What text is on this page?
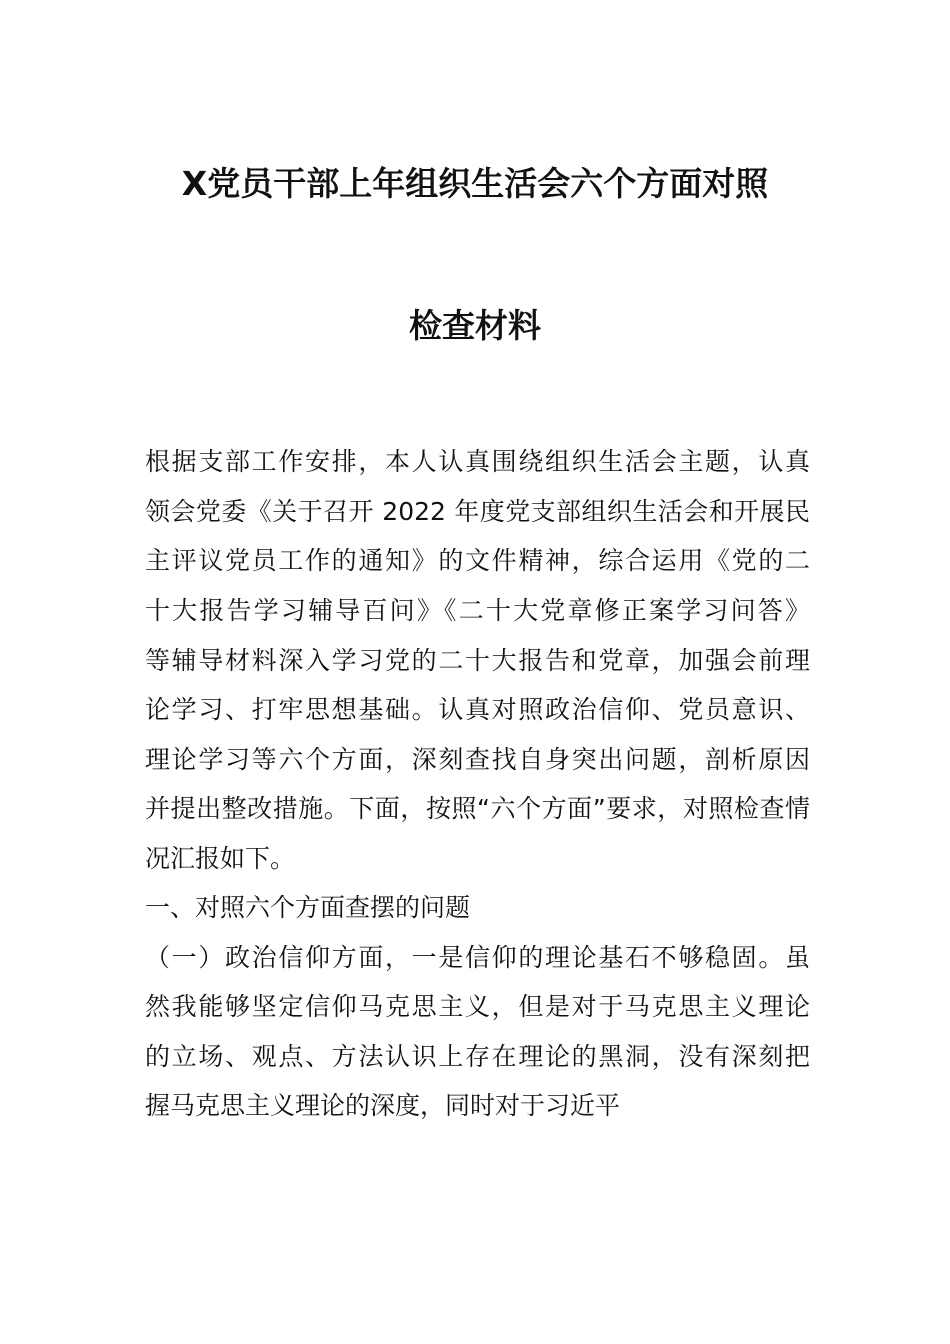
X党员干部上年组织生活会六个方面对照
检查材料

根据支部工作安排，本人认真围绕组织生活会主题，认真

领会党委《关于召开 2022 年度党支部组织生活会和开展民

主评议党员工作的通知》的文件精神，综合运用《党的二

十大报告学习辅导百问》《二十大党章修正案学习问答》

等辅导材料深入学习党的二十大报告和党章，加强会前理

论学习、打牢思想基础。认真对照政治信仰、党员意识、

理论学习等六个方面，深刻查找自身突出问题，剖析原因

并提出整改措施。下面，按照“六个方面”要求，对照检查情

况汇报如下。

一、对照六个方面查摆的问题

（一）政治信仰方面，一是信仰的理论基石不够稳固。虽

然我能够坚定信仰马克思主义，但是对于马克思主义理论

的立场、观点、方法认识上存在理论的黑洞，没有深刻把

握马克思主义理论的深度，同时对于习近平
